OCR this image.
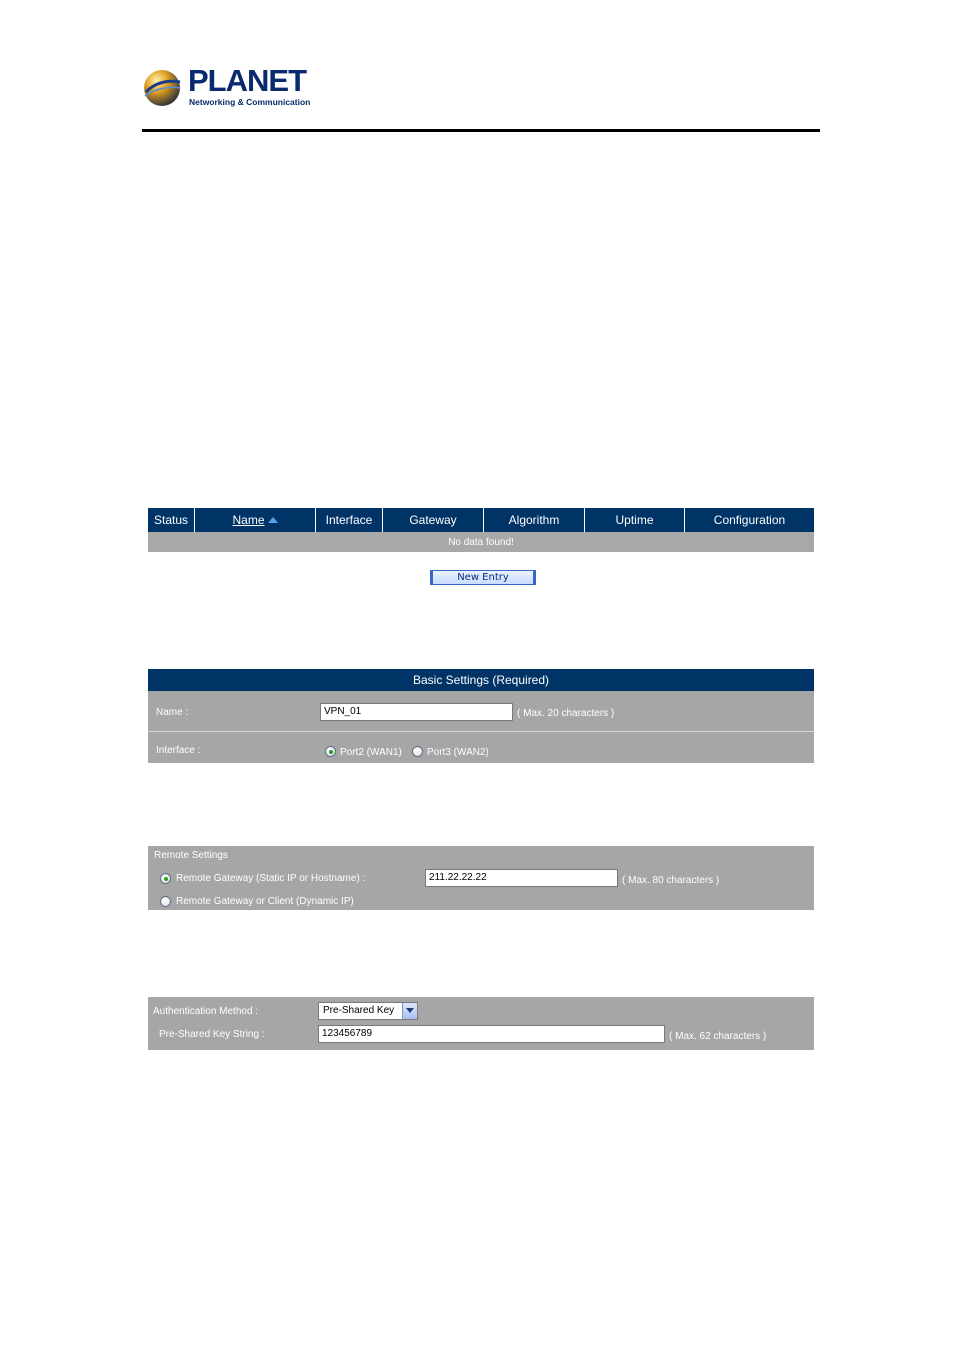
PLANET
Networking & Communication
Status	Name	Interface	Gateway	Algorithm	Uptime	Configuration
No data found!
New Entry
Basic Settings (Required)
Name :	VPN_01	( Max. 20 characters )
Interface :	Port2 (WAN1)	Port3 (WAN2)
Remote Settings
Remote Gateway (Static IP or Hostname) :	211.22.22.22	( Max. 80 characters )
Remote Gateway or Client (Dynamic IP)
Authentication Method :	Pre-Shared Key
Pre-Shared Key String :	123456789	( Max. 62 characters )
